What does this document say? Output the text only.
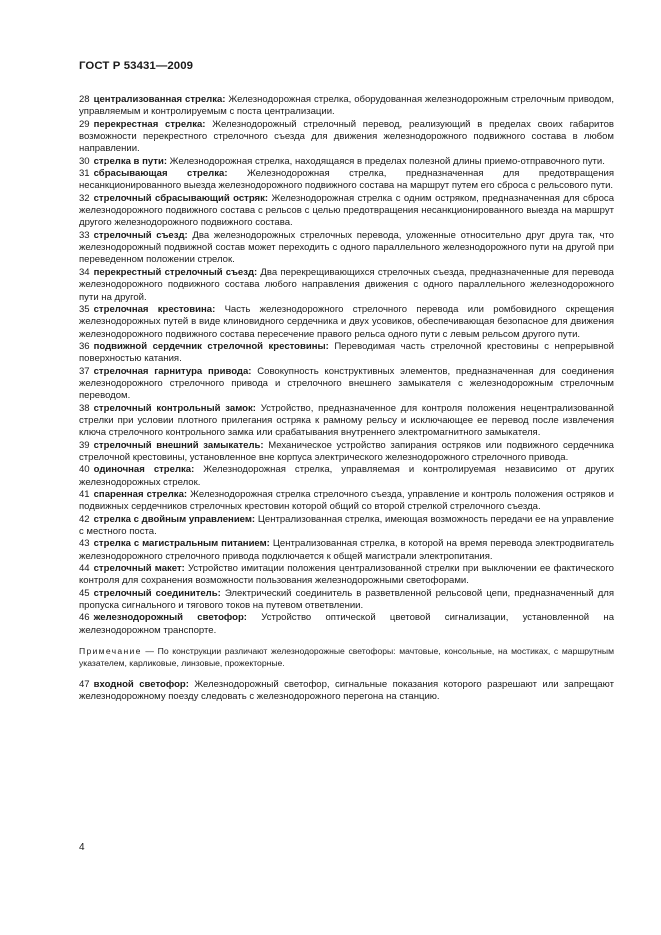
ГОСТ Р 53431—2009

28 централизованная стрелка: Железнодорожная стрелка, оборудованная железнодорожным стрелочным приводом, управляемым и контролируемым с поста централизации.

29 перекрестная стрелка: Железнодорожный стрелочный перевод, реализующий в пределах своих габаритов возможности перекрестного стрелочного съезда для движения железнодорожного подвижного состава в любом направлении.

30 стрелка в пути: Железнодорожная стрелка, находящаяся в пределах полезной длины приемо-отправочного пути.

31 сбрасывающая стрелка: Железнодорожная стрелка, предназначенная для предотвращения несанкционированного выезда железнодорожного подвижного состава на маршрут путем его сброса с рельсового пути.

32 стрелочный сбрасывающий остряк: Железнодорожная стрелка с одним остряком, предназначенная для сброса железнодорожного подвижного состава с рельсов с целью предотвращения несанкционированного выезда на маршрут другого железнодорожного подвижного состава.

33 стрелочный съезд: Два железнодорожных стрелочных перевода, уложенные относительно друг друга так, что железнодорожный подвижной состав может переходить с одного параллельного железнодорожного пути на другой при переведенном положении стрелок.

34 перекрестный стрелочный съезд: Два перекрещивающихся стрелочных съезда, предназначенные для перевода железнодорожного подвижного состава любого направления движения с одного параллельного железнодорожного пути на другой.

35 стрелочная крестовина: Часть железнодорожного стрелочного перевода или ромбовидного скрещения железнодорожных путей в виде клиновидного сердечника и двух усовиков, обеспечивающая безопасное для движения железнодорожного подвижного состава пересечение правого рельса одного пути с левым рельсом другого пути.

36 подвижной сердечник стрелочной крестовины: Переводимая часть стрелочной крестовины с непрерывной поверхностью катания.

37 стрелочная гарнитура привода: Совокупность конструктивных элементов, предназначенная для соединения железнодорожного стрелочного привода и стрелочного внешнего замыкателя с железнодорожным стрелочным переводом.

38 стрелочный контрольный замок: Устройство, предназначенное для контроля положения нецентрализованной стрелки при условии плотного прилегания остряка к рамному рельсу и исключающее ее перевод после извлечения ключа стрелочного контрольного замка или срабатывания внутреннего электромагнитного замыкателя.

39 стрелочный внешний замыкатель: Механическое устройство запирания остряков или подвижного сердечника стрелочной крестовины, установленное вне корпуса электрического железнодорожного стрелочного привода.

40 одиночная стрелка: Железнодорожная стрелка, управляемая и контролируемая независимо от других железнодорожных стрелок.

41 спаренная стрелка: Железнодорожная стрелка стрелочного съезда, управление и контроль положения остряков и подвижных сердечников стрелочных крестовин которой общий со второй стрелкой стрелочного съезда.

42 стрелка с двойным управлением: Централизованная стрелка, имеющая возможность передачи ее на управление с местного поста.

43 стрелка с магистральным питанием: Централизованная стрелка, в которой на время перевода электродвигатель железнодорожного стрелочного привода подключается к общей магистрали электропитания.

44 стрелочный макет: Устройство имитации положения централизованной стрелки при выключении ее фактического контроля для сохранения возможности пользования железнодорожными светофорами.

45 стрелочный соединитель: Электрический соединитель в разветвленной рельсовой цепи, предназначенный для пропуска сигнального и тягового токов на путевом ответвлении.

46 железнодорожный светофор: Устройство оптической цветовой сигнализации, установленной на железнодорожном транспорте.

Примечание — По конструкции различают железнодорожные светофоры: мачтовые, консольные, на мостиках, с маршрутным указателем, карликовые, линзовые, прожекторные.

47 входной светофор: Железнодорожный светофор, сигнальные показания которого разрешают или запрещают железнодорожному поезду следовать с железнодорожного перегона на станцию.

4
